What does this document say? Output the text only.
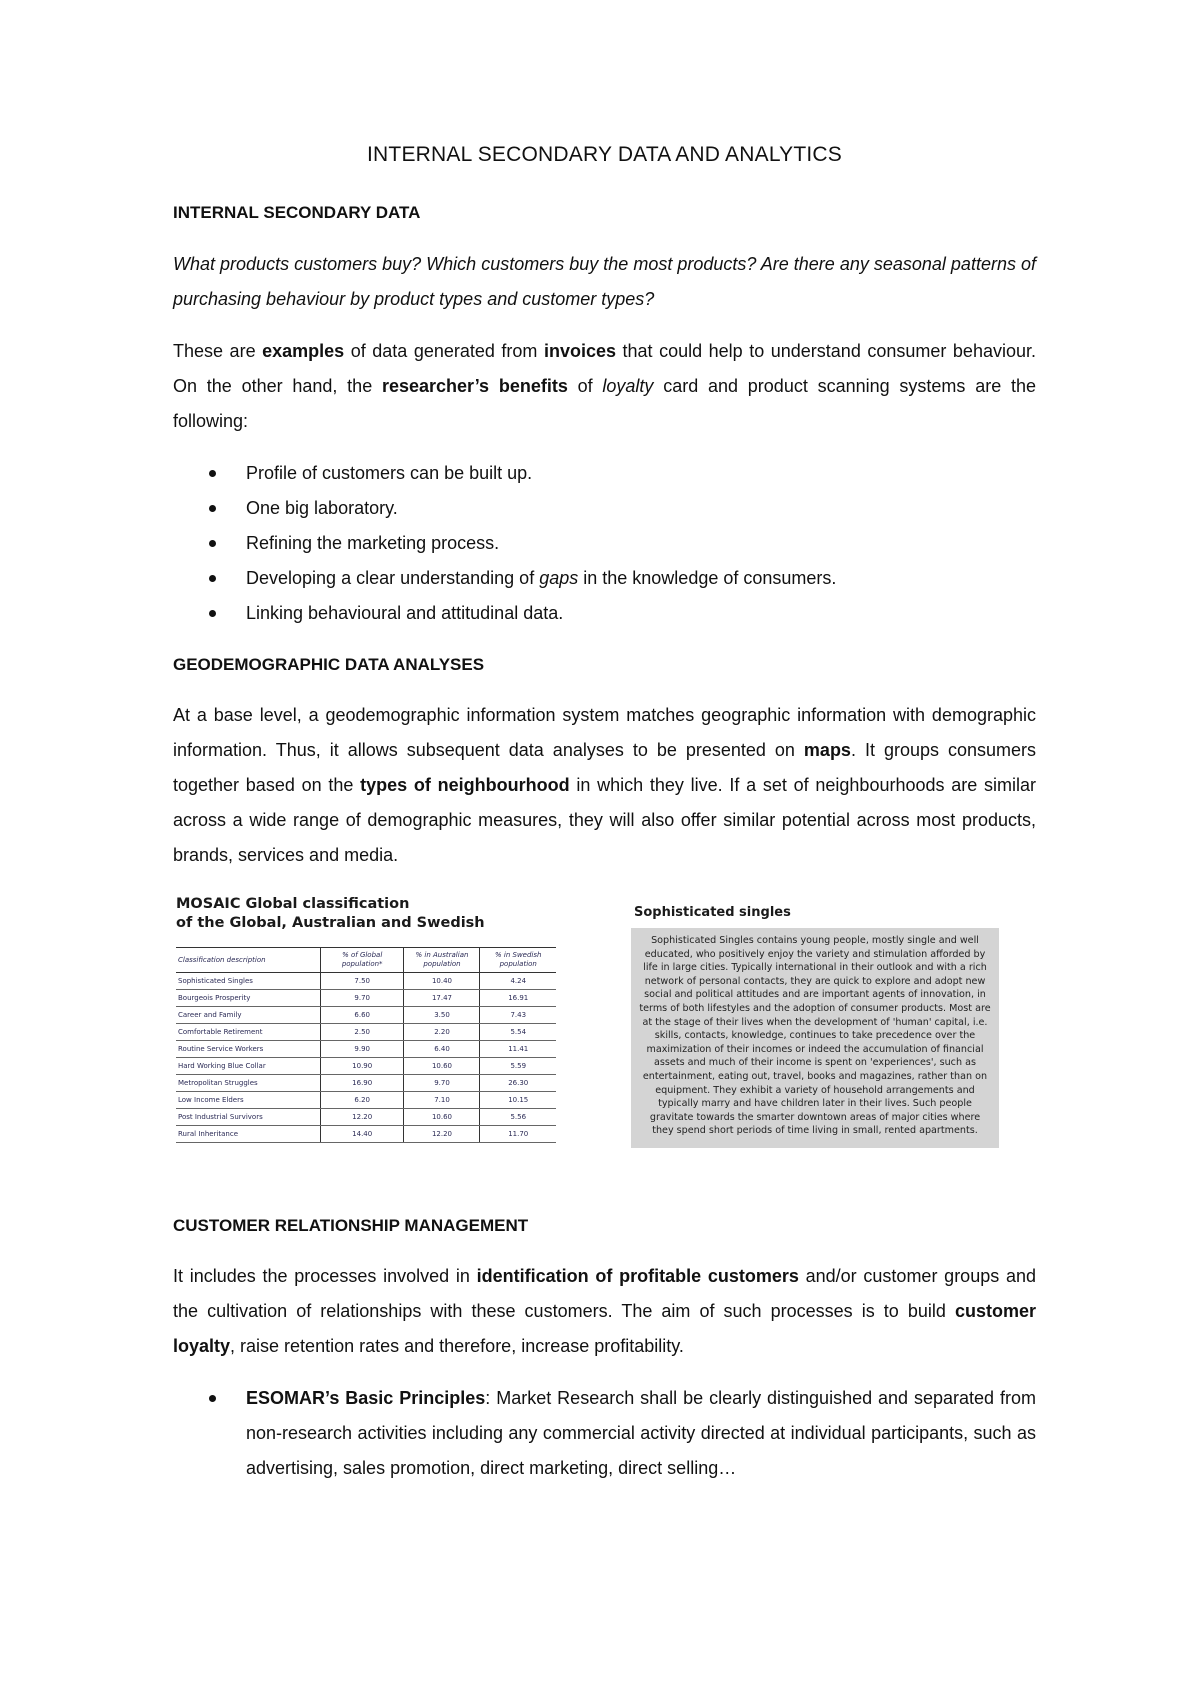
INTERNAL SECONDARY DATA AND ANALYTICS
INTERNAL SECONDARY DATA

What products customers buy? Which customers buy the most products? Are there any seasonal patterns of purchasing behaviour by product types and customer types?

These are examples of data generated from invoices that could help to understand consumer behaviour. On the other hand, the researcher’s benefits of loyalty card and product scanning systems are the following:

Profile of customers can be built up.
One big laboratory.
Refining the marketing process.
Developing a clear understanding of gaps in the knowledge of consumers.
Linking behavioural and attitudinal data.
GEODEMOGRAPHIC DATA ANALYSES

At a base level, a geodemographic information system matches geographic information with demographic information. Thus, it allows subsequent data analyses to be presented on maps. It groups consumers together based on the types of neighbourhood in which they live. If a set of neighbourhoods are similar across a wide range of demographic measures, they will also offer similar potential across most products, brands, services and media.

CUSTOMER RELATIONSHIP MANAGEMENT

It includes the processes involved in identification of profitable customers and/or customer groups and the cultivation of relationships with these customers. The aim of such processes is to build customer loyalty, raise retention rates and therefore, increase profitability.

ESOMAR’s Basic Principles: Market Research shall be clearly distinguished and separated from non-research activities including any commercial activity directed at individual participants, such as advertising, sales promotion, direct marketing, direct selling…
MOSAIC Global classification
of the Global, Australian and Swedish
Classification description	% of Global population*	% in Australian population	% in Swedish population
Sophisticated Singles	7.50	10.40	4.24
Bourgeois Prosperity	9.70	17.47	16.91
Career and Family	6.60	3.50	7.43
Comfortable Retirement	2.50	2.20	5.54
Routine Service Workers	9.90	6.40	11.41
Hard Working Blue Collar	10.90	10.60	5.59
Metropolitan Struggles	16.90	9.70	26.30
Low Income Elders	6.20	7.10	10.15
Post Industrial Survivors	12.20	10.60	5.56
Rural Inheritance	14.40	12.20	11.70
Sophisticated singles
Sophisticated Singles contains young people, mostly single and well educated, who positively enjoy the variety and stimulation afforded by life in large cities. Typically international in their outlook and with a rich network of personal contacts, they are quick to explore and adopt new social and political attitudes and are important agents of innovation, in terms of both lifestyles and the adoption of consumer products. Most are at the stage of their lives when the development of 'human' capital, i.e. skills, contacts, knowledge, continues to take precedence over the maximization of their incomes or indeed the accumulation of financial assets and much of their income is spent on 'experiences', such as entertainment, eating out, travel, books and magazines, rather than on equipment. They exhibit a variety of household arrangements and typically marry and have children later in their lives. Such people gravitate towards the smarter downtown areas of major cities where they spend short periods of time living in small, rented apartments.
